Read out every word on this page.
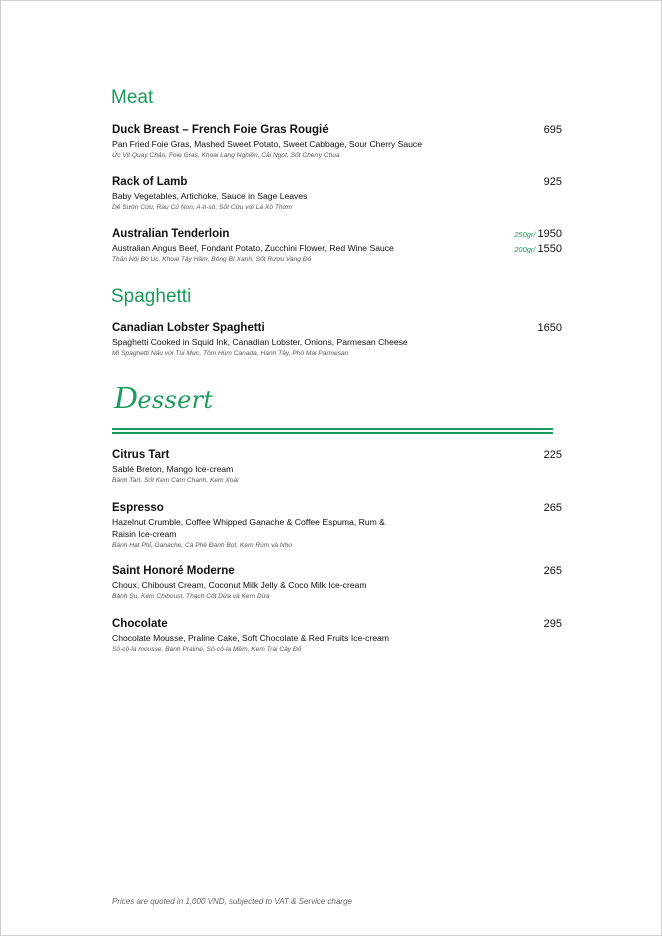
Meat
Duck Breast – French Foie Gras Rougié
Pan Fried Foie Gras, Mashed Sweet Potato, Sweet Cabbage, Sour Cherry Sauce
Ức Vịt Quay Chảo, Foie Gras, Khoai Lang Nghiền, Cải Ngọt, Sốt Cherry Chua
695
Rack of Lamb
Baby Vegetables, Artichoke, Sauce in Sage Leaves
Dẻ Sườn Cừu, Rau Củ Non, A-ti-sô, Sốt Cừu với Lá Xô Thơm
925
Australian Tenderloin
Australian Angus Beef, Fondant Potato, Zucchini Flower, Red Wine Sauce
Thăn Nội Bò Úc, Khoai Tây Hầm, Bông Bí Xanh, Sốt Rượu Vang Đỏ
250gr/ 1950
200gr/ 1550
Spaghetti
Canadian Lobster Spaghetti
Spaghetti Cooked in Squid Ink, Canadian Lobster, Onions, Parmesan Cheese
Mì Spaghetti Nấu với Túi Mực, Tôm Hùm Canada, Hành Tây, Phô Mai Parmesan
1650
Dessert
Citrus Tart
Sablé Breton, Mango Ice-cream
Bánh Tart, Sốt Kem Cam Chanh, Kem Xoài
225
Espresso
Hazelnut Crumble, Coffee Whipped Ganache & Coffee Espuma, Rum & Raisin Ice-cream
Bánh Hạt Phỉ, Ganache, Cà Phê Đánh Bọt, Kem Rum và Nho
265
Saint Honoré Moderne
Choux, Chiboust Cream, Coconut Milk Jelly & Coco Milk Ice-cream
Bánh Su, Kem Chiboust, Thạch Cốt Dừa và Kem Dừa
265
Chocolate
Chocolate Mousse, Praline Cake, Soft Chocolate & Red Fruits Ice-cream
Sô-cô-la mousse, Bánh Praline, Sô-cô-la Mềm, Kem Trái Cây Đỏ
295
Prices are quoted in 1,000 VND, subjected to VAT & Service charge
